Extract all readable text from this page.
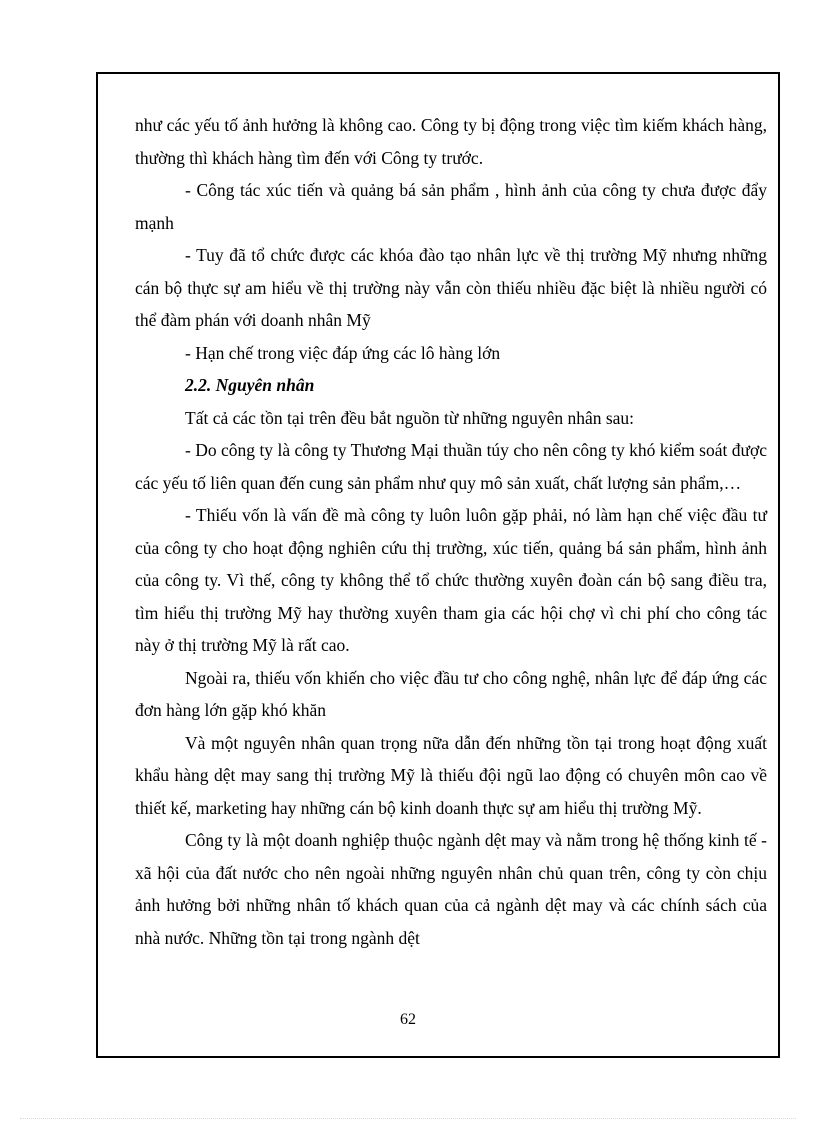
như các yếu tố ảnh hưởng là không cao. Công ty bị động trong việc tìm kiếm khách hàng, thường thì khách hàng tìm đến với Công ty trước.

- Công tác xúc tiến và quảng bá sản phẩm , hình ảnh của công ty chưa được đẩy mạnh

- Tuy đã tổ chức được các khóa đào tạo nhân lực về thị trường Mỹ nhưng những cán bộ thực sự am hiểu về thị trường này vẫn còn thiếu nhiều đặc biệt là nhiều người có thể đàm phán với doanh nhân Mỹ

- Hạn chế trong việc đáp ứng các lô hàng lớn

2.2. Nguyên nhân

Tất cả các tồn tại trên đều bắt nguồn từ những nguyên nhân sau:

- Do công ty là công ty Thương Mại thuần túy cho nên công ty khó kiểm soát được các yếu tố liên quan đến cung sản phẩm như quy mô sản xuất, chất lượng sản phẩm,…

- Thiếu vốn là vấn đề mà công ty luôn luôn gặp phải, nó làm hạn chế việc đầu tư của công ty cho hoạt động nghiên cứu thị trường, xúc tiến, quảng bá sản phẩm, hình ảnh của công ty. Vì thế, công ty không thể tổ chức thường xuyên đoàn cán bộ sang điều tra, tìm hiểu thị trường Mỹ hay thường xuyên tham gia các hội chợ vì chi phí cho công tác này ở thị trường Mỹ là rất cao.

Ngoài ra, thiếu vốn khiến cho việc đầu tư cho công nghệ, nhân lực để đáp ứng các đơn hàng lớn gặp khó khăn

Và một nguyên nhân quan trọng nữa dẫn đến những tồn tại trong hoạt động xuất khẩu hàng dệt may sang thị trường Mỹ là thiếu đội ngũ lao động có chuyên môn cao về thiết kế, marketing hay những cán bộ kinh doanh thực sự am hiểu thị trường Mỹ.

Công ty là một doanh nghiệp thuộc ngành dệt may và nằm trong hệ thống kinh tế - xã hội của đất nước cho nên ngoài những nguyên nhân chủ quan trên, công ty còn chịu ảnh hưởng bởi những nhân tố khách quan của cả ngành dệt may và các chính sách của nhà nước. Những tồn tại trong ngành dệt

62
